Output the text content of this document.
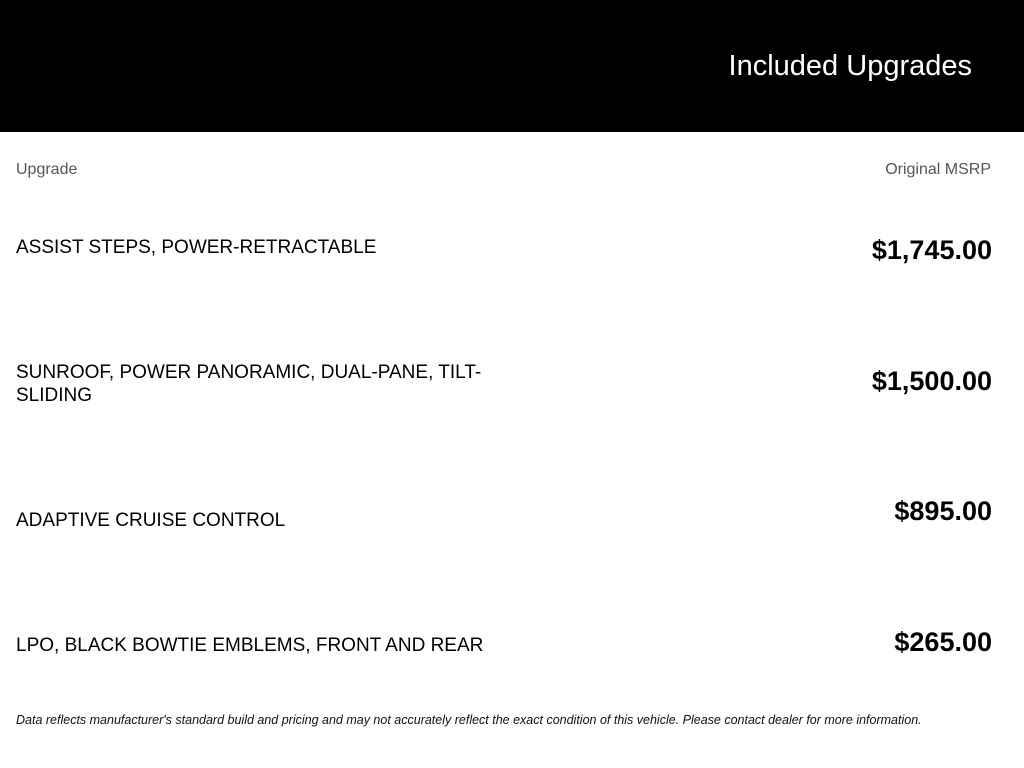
Included Upgrades
Upgrade	Original MSRP
ASSIST STEPS, POWER-RETRACTABLE	$1,745.00
SUNROOF, POWER PANORAMIC, DUAL-PANE, TILT-SLIDING	$1,500.00
ADAPTIVE CRUISE CONTROL	$895.00
LPO, BLACK BOWTIE EMBLEMS, FRONT AND REAR	$265.00
Data reflects manufacturer's standard build and pricing and may not accurately reflect the exact condition of this vehicle. Please contact dealer for more information.
